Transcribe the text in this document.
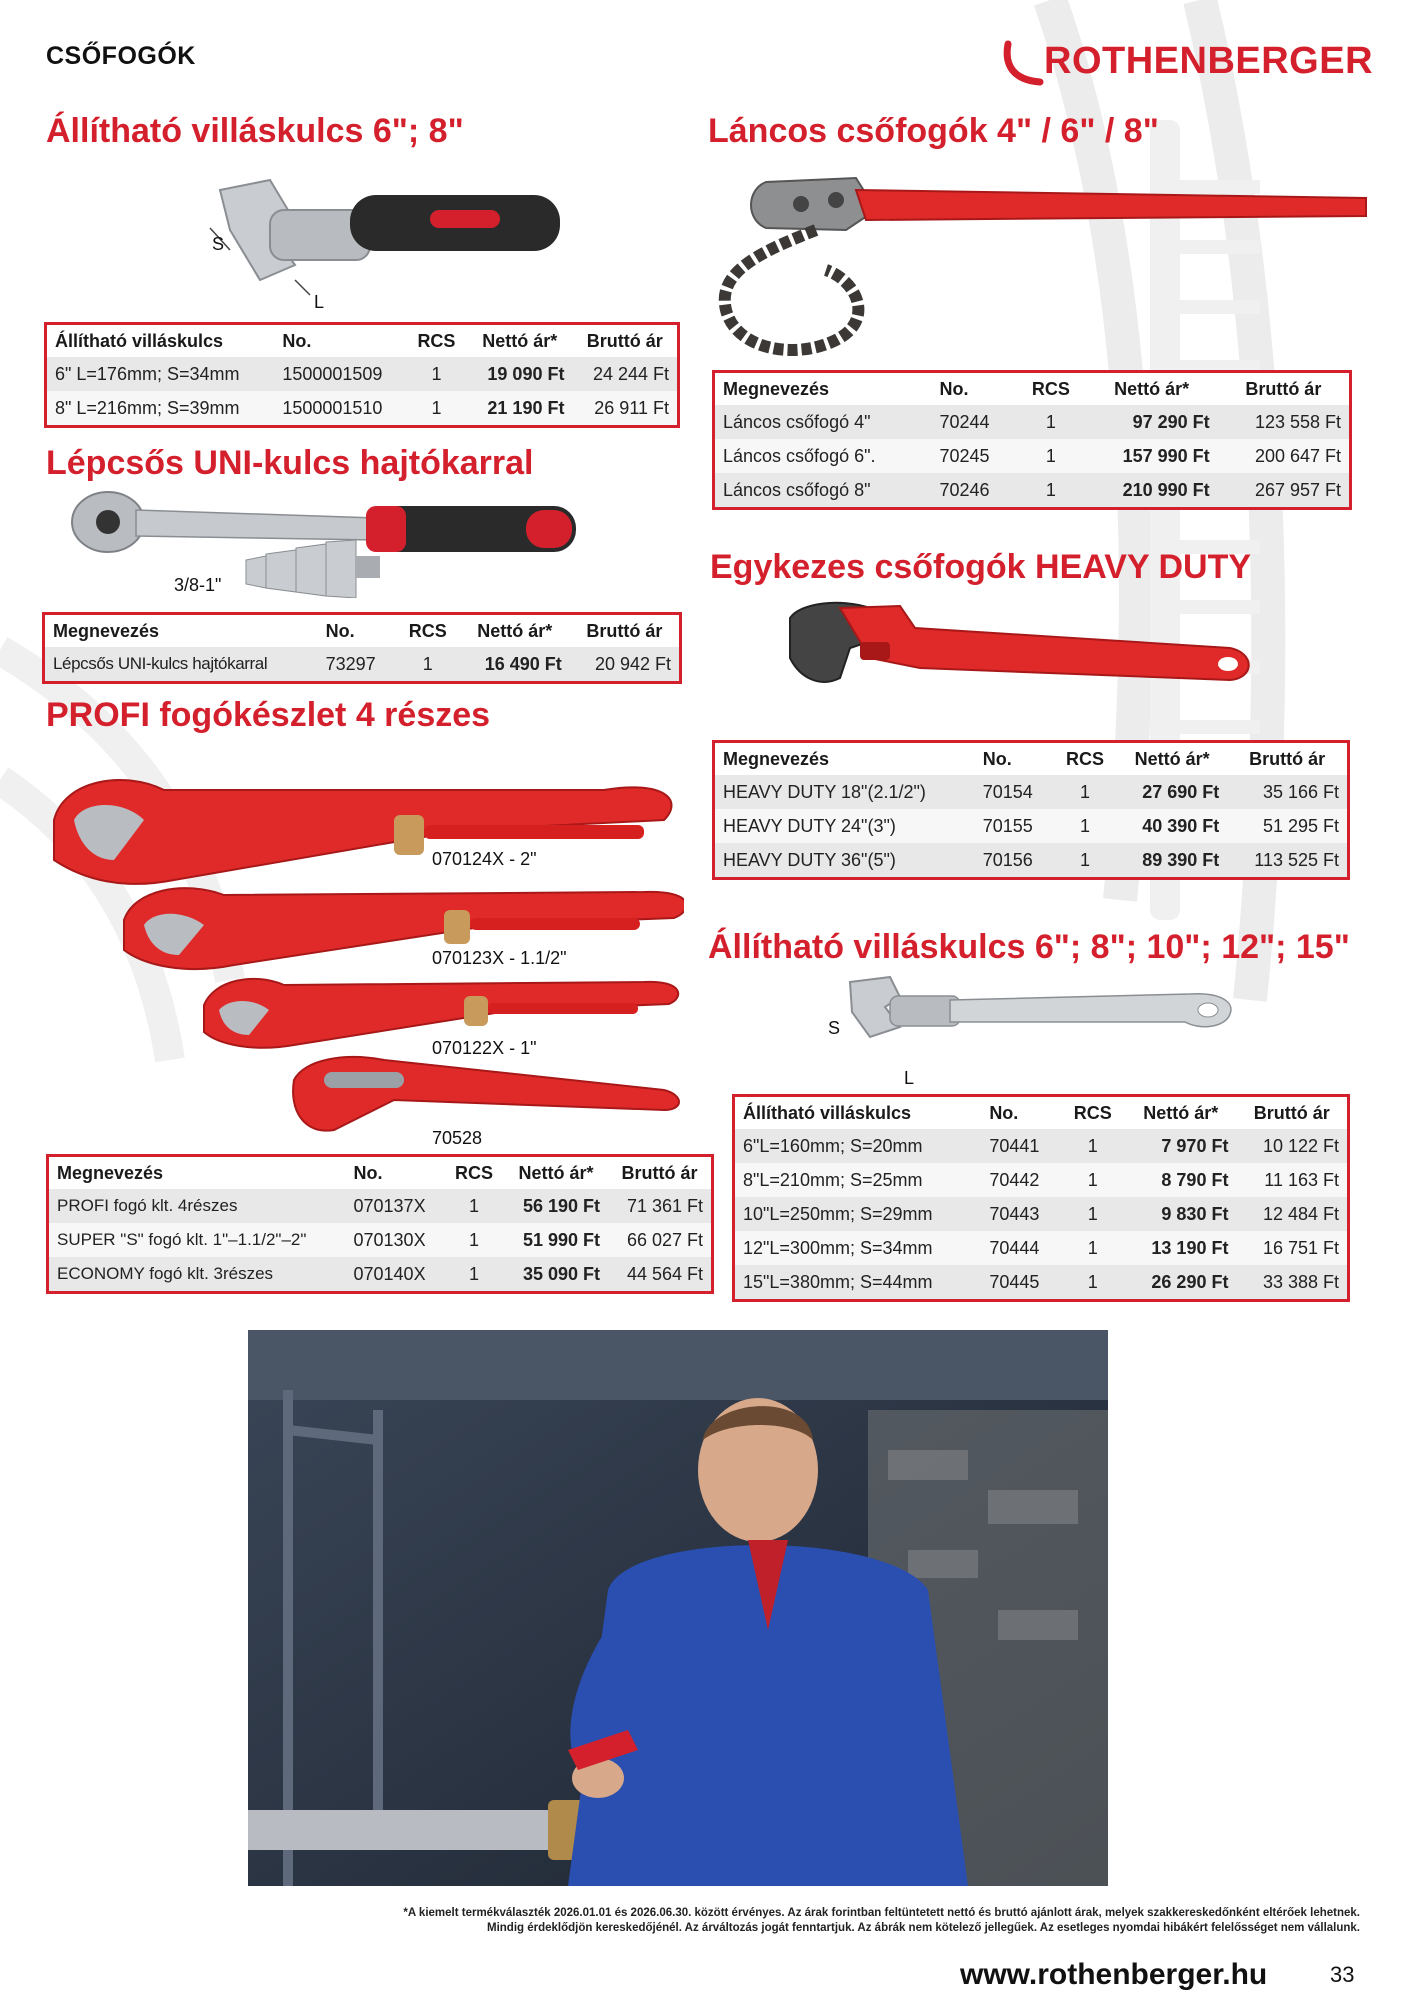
CSŐFOGÓK	ROTHENBERGER
Állítható villáskulcs 6"; 8"
S
L
Állítható villáskulcs	No.	RCS	Nettó ár*	Bruttó ár
6" L=176mm; S=34mm	1500001509	1	19 090 Ft	24 244 Ft
8" L=216mm; S=39mm	1500001510	1	21 190 Ft	26 911 Ft
Lépcsős UNI-kulcs hajtókarral
3/8-1"
Megnevezés	No.	RCS	Nettó ár*	Bruttó ár
Lépcsős UNI-kulcs hajtókarral	73297	1	16 490 Ft	20 942 Ft
PROFI fogókészlet 4 részes
070124X - 2"
070123X - 1.1/2"
070122X - 1"
70528
Megnevezés	No.	RCS	Nettó ár*	Bruttó ár
PROFI fogó klt. 4részes	070137X	1	56 190 Ft	71 361 Ft
SUPER "S" fogó klt. 1"–1.1/2"–2"	070130X	1	51 990 Ft	66 027 Ft
ECONOMY fogó klt. 3részes	070140X	1	35 090 Ft	44 564 Ft
Láncos csőfogók 4" / 6" / 8"
Megnevezés	No.	RCS	Nettó ár*	Bruttó ár
Láncos csőfogó 4"	70244	1	97 290 Ft	123 558 Ft
Láncos csőfogó 6".	70245	1	157 990 Ft	200 647 Ft
Láncos csőfogó 8"	70246	1	210 990 Ft	267 957 Ft
Egykezes csőfogók HEAVY DUTY
Megnevezés	No.	RCS	Nettó ár*	Bruttó ár
HEAVY DUTY 18"(2.1/2")	70154	1	27 690 Ft	35 166 Ft
HEAVY DUTY 24"(3")	70155	1	40 390 Ft	51 295 Ft
HEAVY DUTY 36"(5")	70156	1	89 390 Ft	113 525 Ft
Állítható villáskulcs 6"; 8"; 10"; 12"; 15"
S
L
Állítható villáskulcs	No.	RCS	Nettó ár*	Bruttó ár
6"L=160mm; S=20mm	70441	1	7 970 Ft	10 122 Ft
8"L=210mm; S=25mm	70442	1	8 790 Ft	11 163 Ft
10"L=250mm; S=29mm	70443	1	9 830 Ft	12 484 Ft
12"L=300mm; S=34mm	70444	1	13 190 Ft	16 751 Ft
15"L=380mm; S=44mm	70445	1	26 290 Ft	33 388 Ft
*A kiemelt termékválaszték 2026.01.01 és 2026.06.30. között érvényes. Az árak forintban feltüntetett nettó és bruttó ajánlott árak, melyek szakkereskedőnként eltérőek lehetnek.
Mindig érdeklődjön kereskedőjénél. Az árváltozás jogát fenntartjuk. Az ábrák nem kötelező jellegűek. Az esetleges nyomdai hibákért felelősséget nem vállalunk.
www.rothenberger.hu	33
